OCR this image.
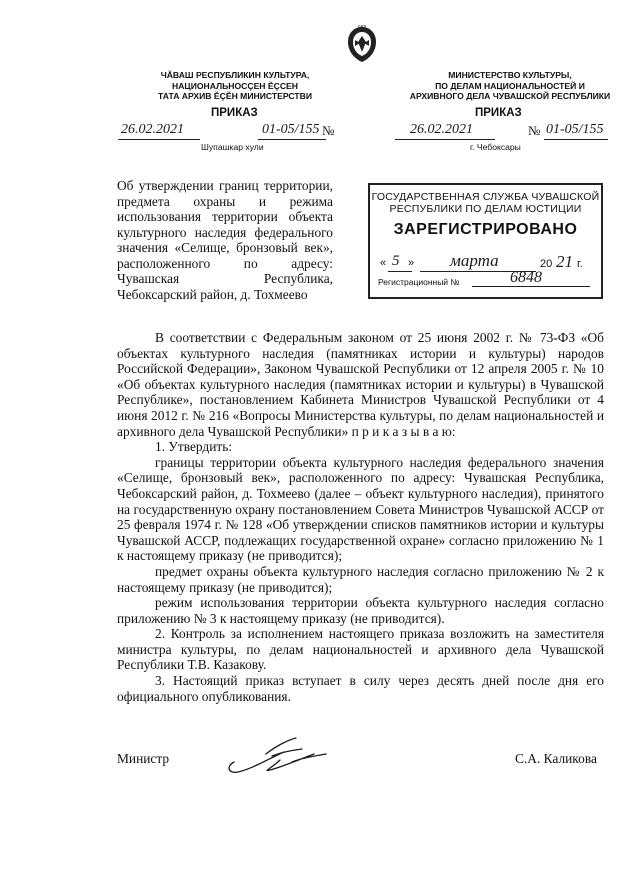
988
ЧĂВАШ РЕСПУБЛИКИН КУЛЬТУРА,
НАЦИОНАЛЬНОСÇЕН ĔÇСЕН
ТАТА АРХИВ ĔÇĔН МИНИСТЕРСТВИ
ПРИКАЗ
26.02.2021	01-05/155 №
Шупашкар хули
МИНИСТЕРСТВО КУЛЬТУРЫ,
ПО ДЕЛАМ НАЦИОНАЛЬНОСТЕЙ И
АРХИВНОГО ДЕЛА ЧУВАШСКОЙ РЕСПУБЛИКИ
ПРИКАЗ
26.02.2021	№ 01-05/155
г. Чебоксары
Об утверждении границ территории, предмета охраны и режима использования территории объекта культурного наследия федерального значения «Селище, бронзовый век», расположенного по адресу: Чувашская Республика, Чебоксарский район, д. Тохмеево
ГОСУДАРСТВЕННАЯ СЛУЖБА ЧУВАШСКОЙ
РЕСПУБЛИКИ ПО ДЕЛАМ ЮСТИЦИИ
ЗАРЕГИСТРИРОВАНО
« 5 » марта	20 21 г.
Регистрационный №	6848

В соответствии с Федеральным законом от 25 июня 2002 г. № 73-ФЗ «Об объектах культурного наследия (памятниках истории и культуры) народов Российской Федерации», Законом Чувашской Республики от 12 апреля 2005 г. № 10 «Об объектах культурного наследия (памятниках истории и культуры) в Чувашской Республике», постановлением Кабинета Министров Чувашской Республики от 4 июня 2012 г. № 216 «Вопросы Министерства культуры, по делам национальностей и архивного дела Чувашской Республики» п р и к а з ы в а ю:

1. Утвердить:

границы территории объекта культурного наследия федерального значения «Селище, бронзовый век», расположенного по адресу: Чувашская Республика, Чебоксарский район, д. Тохмеево (далее – объект культурного наследия), принятого на государственную охрану постановлением Совета Министров Чувашской АССР от 25 февраля 1974 г. № 128 «Об утверждении списков памятников истории и культуры Чувашской АССР, подлежащих государственной охране» согласно приложению № 1 к настоящему приказу (не приводится);

предмет охраны объекта культурного наследия согласно приложению № 2 к настоящему приказу (не приводится);

режим использования территории объекта культурного наследия согласно приложению № 3 к настоящему приказу (не приводится).

2. Контроль за исполнением настоящего приказа возложить на заместителя министра культуры, по делам национальностей и архивного дела Чувашской Республики Т.В. Казакову.

3. Настоящий приказ вступает в силу через десять дней после дня его официального опубликования.

Министр	С.А. Каликова
